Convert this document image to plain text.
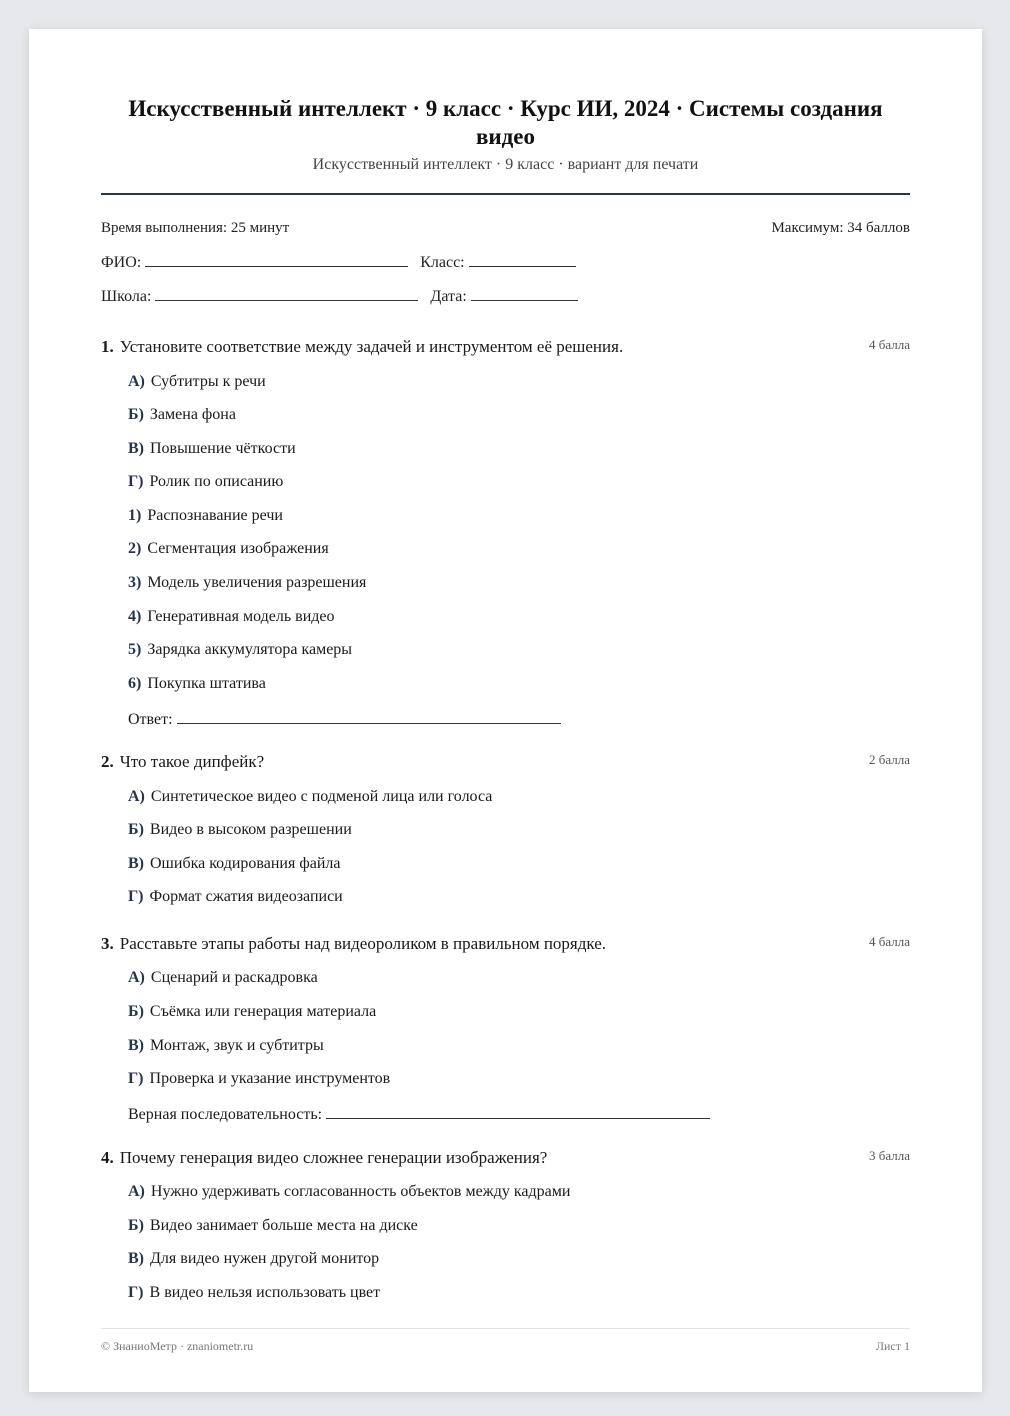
Искусственный интеллект · 9 класс · Курс ИИ, 2024 · Системы создания видео
Искусственный интеллект · 9 класс · вариант для печати
Время выполнения: 25 минут	Максимум: 34 баллов
ФИО:	Класс:
Школа:	Дата:
1. Установите соответствие между задачей и инструментом её решения.	4 балла
А) Субтитры к речи
Б) Замена фона
В) Повышение чёткости
Г) Ролик по описанию
1) Распознавание речи
2) Сегментация изображения
3) Модель увеличения разрешения
4) Генеративная модель видео
5) Зарядка аккумулятора камеры
6) Покупка штатива
Ответ:
2. Что такое дипфейк?	2 балла
А) Синтетическое видео с подменой лица или голоса
Б) Видео в высоком разрешении
В) Ошибка кодирования файла
Г) Формат сжатия видеозаписи
3. Расставьте этапы работы над видеороликом в правильном порядке.	4 балла
А) Сценарий и раскадровка
Б) Съёмка или генерация материала
В) Монтаж, звук и субтитры
Г) Проверка и указание инструментов
Верная последовательность:
4. Почему генерация видео сложнее генерации изображения?	3 балла
А) Нужно удерживать согласованность объектов между кадрами
Б) Видео занимает больше места на диске
В) Для видео нужен другой монитор
Г) В видео нельзя использовать цвет
© ЗнаниоМетр · znaniometr.ru	Лист 1
